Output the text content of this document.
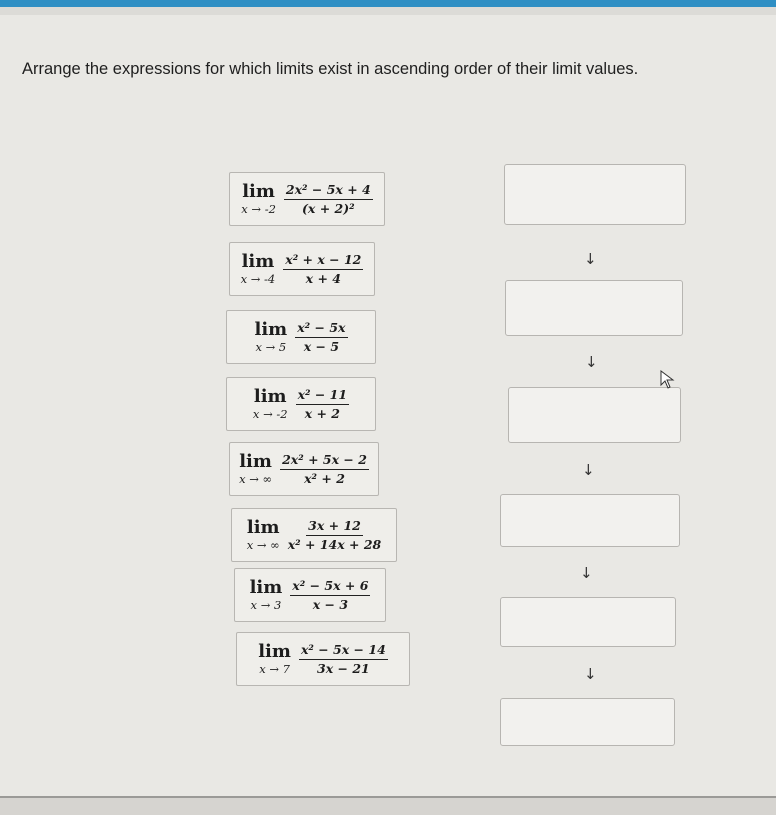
Arrange the expressions for which limits exist in ascending order of their limit values.
lim
$x \to -2 \frac{\text{2x² − 5x + 4}}{\text{(x + 2)²}}$
lim
$x \to -4 \frac{\text{x² + x − 12}}{x + 4}$
lim
$x \to 5 \frac{\text{x² − 5x}}{x - 5}$
lim
$x \to -2 \frac{\text{x² − 11}}{x + 2}$
lim
x → ∞ $\frac{\text{2x² + 5x − 2}}{\text{x² + 2}}$
lim
x → ∞ $\frac{3x + 12}{\text{x² + 14x + 28}}$
lim
$x \to 3 \frac{\text{x² − 5x + 6}}{x - 3}$
lim
$x \to 7 \frac{\text{x² − 5x − 14}}{3x - 21}$
↓
↓
↓
↓
↓
